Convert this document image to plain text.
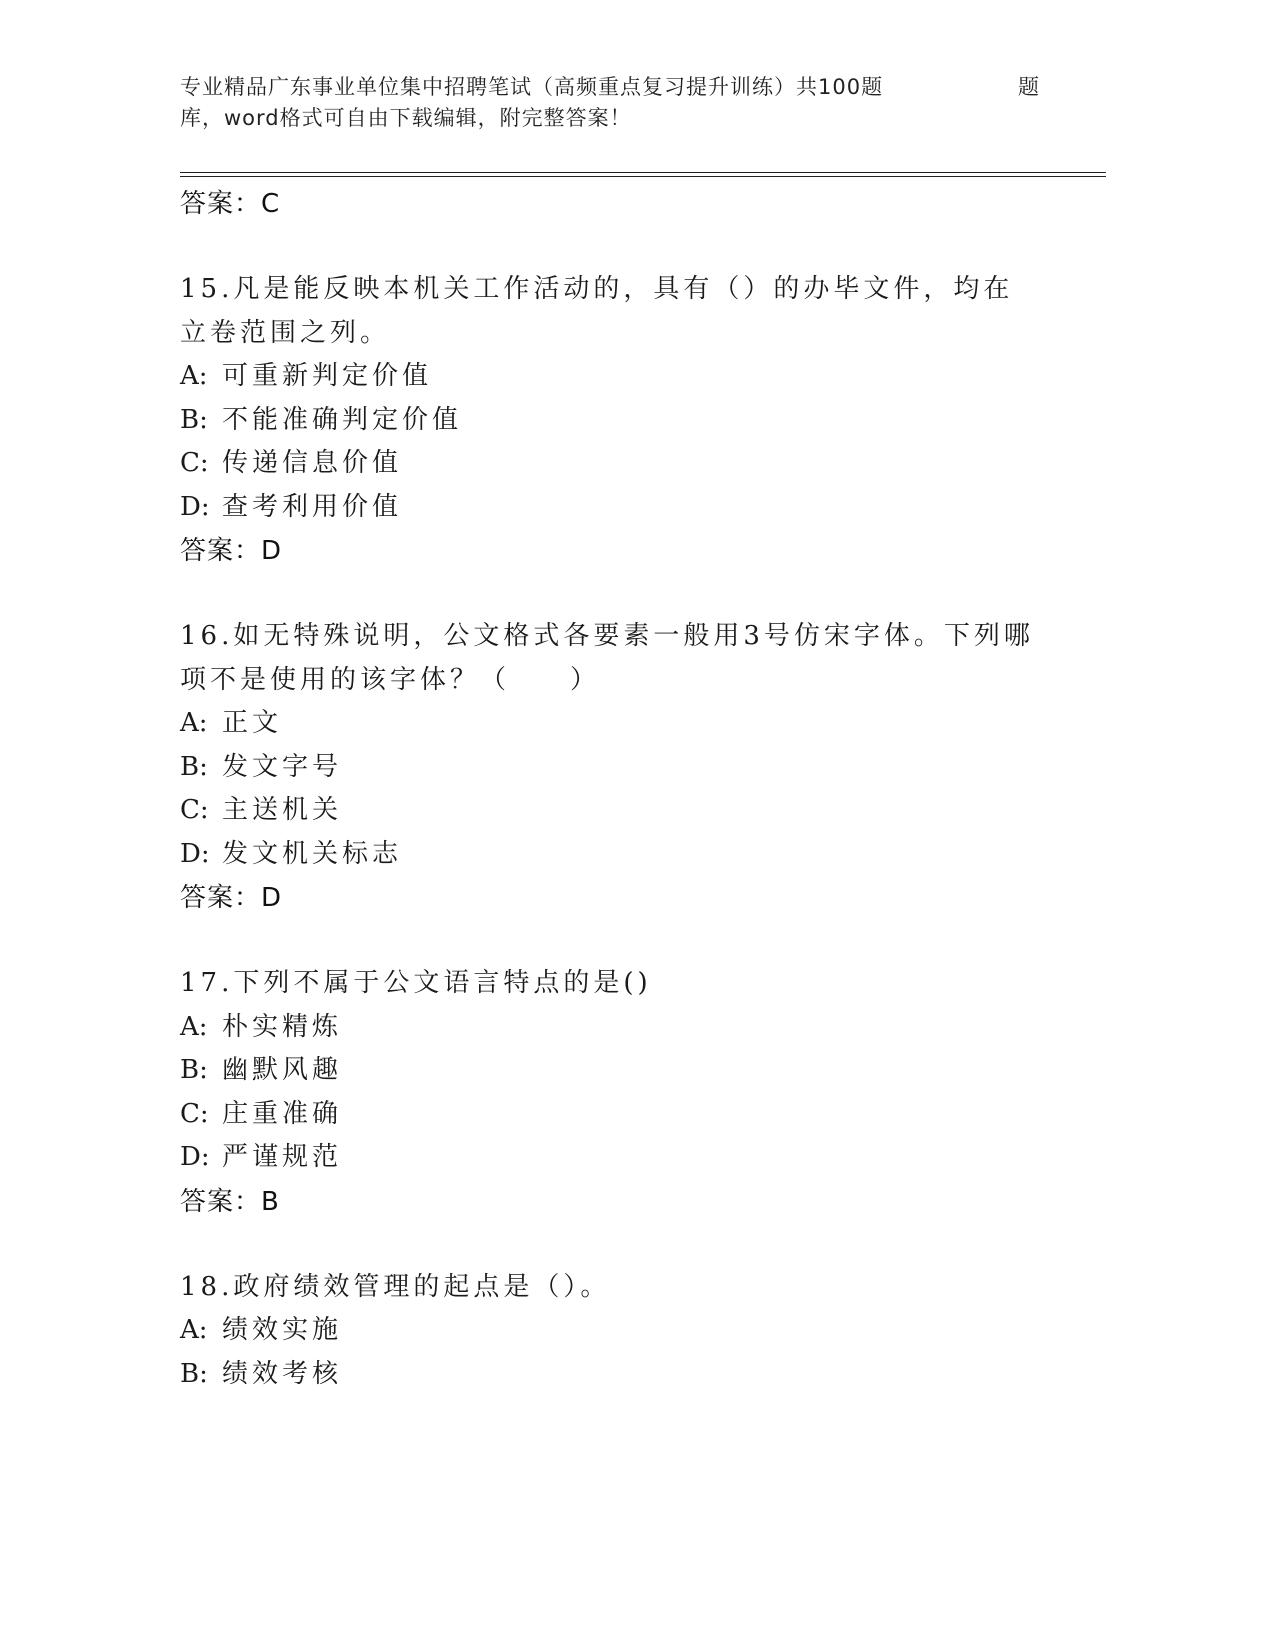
专业精品广东事业单位集中招聘笔试（高频重点复习提升训练）共100题	题
库，word格式可自由下载编辑，附完整答案！

答案：C

15.凡是能反映本机关工作活动的，具有（）的办毕文件，均在立卷范围之列。

A: 可重新判定价值

B: 不能准确判定价值

C: 传递信息价值

D: 查考利用价值

答案：D

16.如无特殊说明，公文格式各要素一般用3号仿宋字体。下列哪项不是使用的该字体？（　　）

A: 正文

B: 发文字号

C: 主送机关

D: 发文机关标志

答案：D

17.下列不属于公文语言特点的是()

A: 朴实精炼

B: 幽默风趣

C: 庄重准确

D: 严谨规范

答案：B

18.政府绩效管理的起点是（）。

A: 绩效实施

B: 绩效考核
